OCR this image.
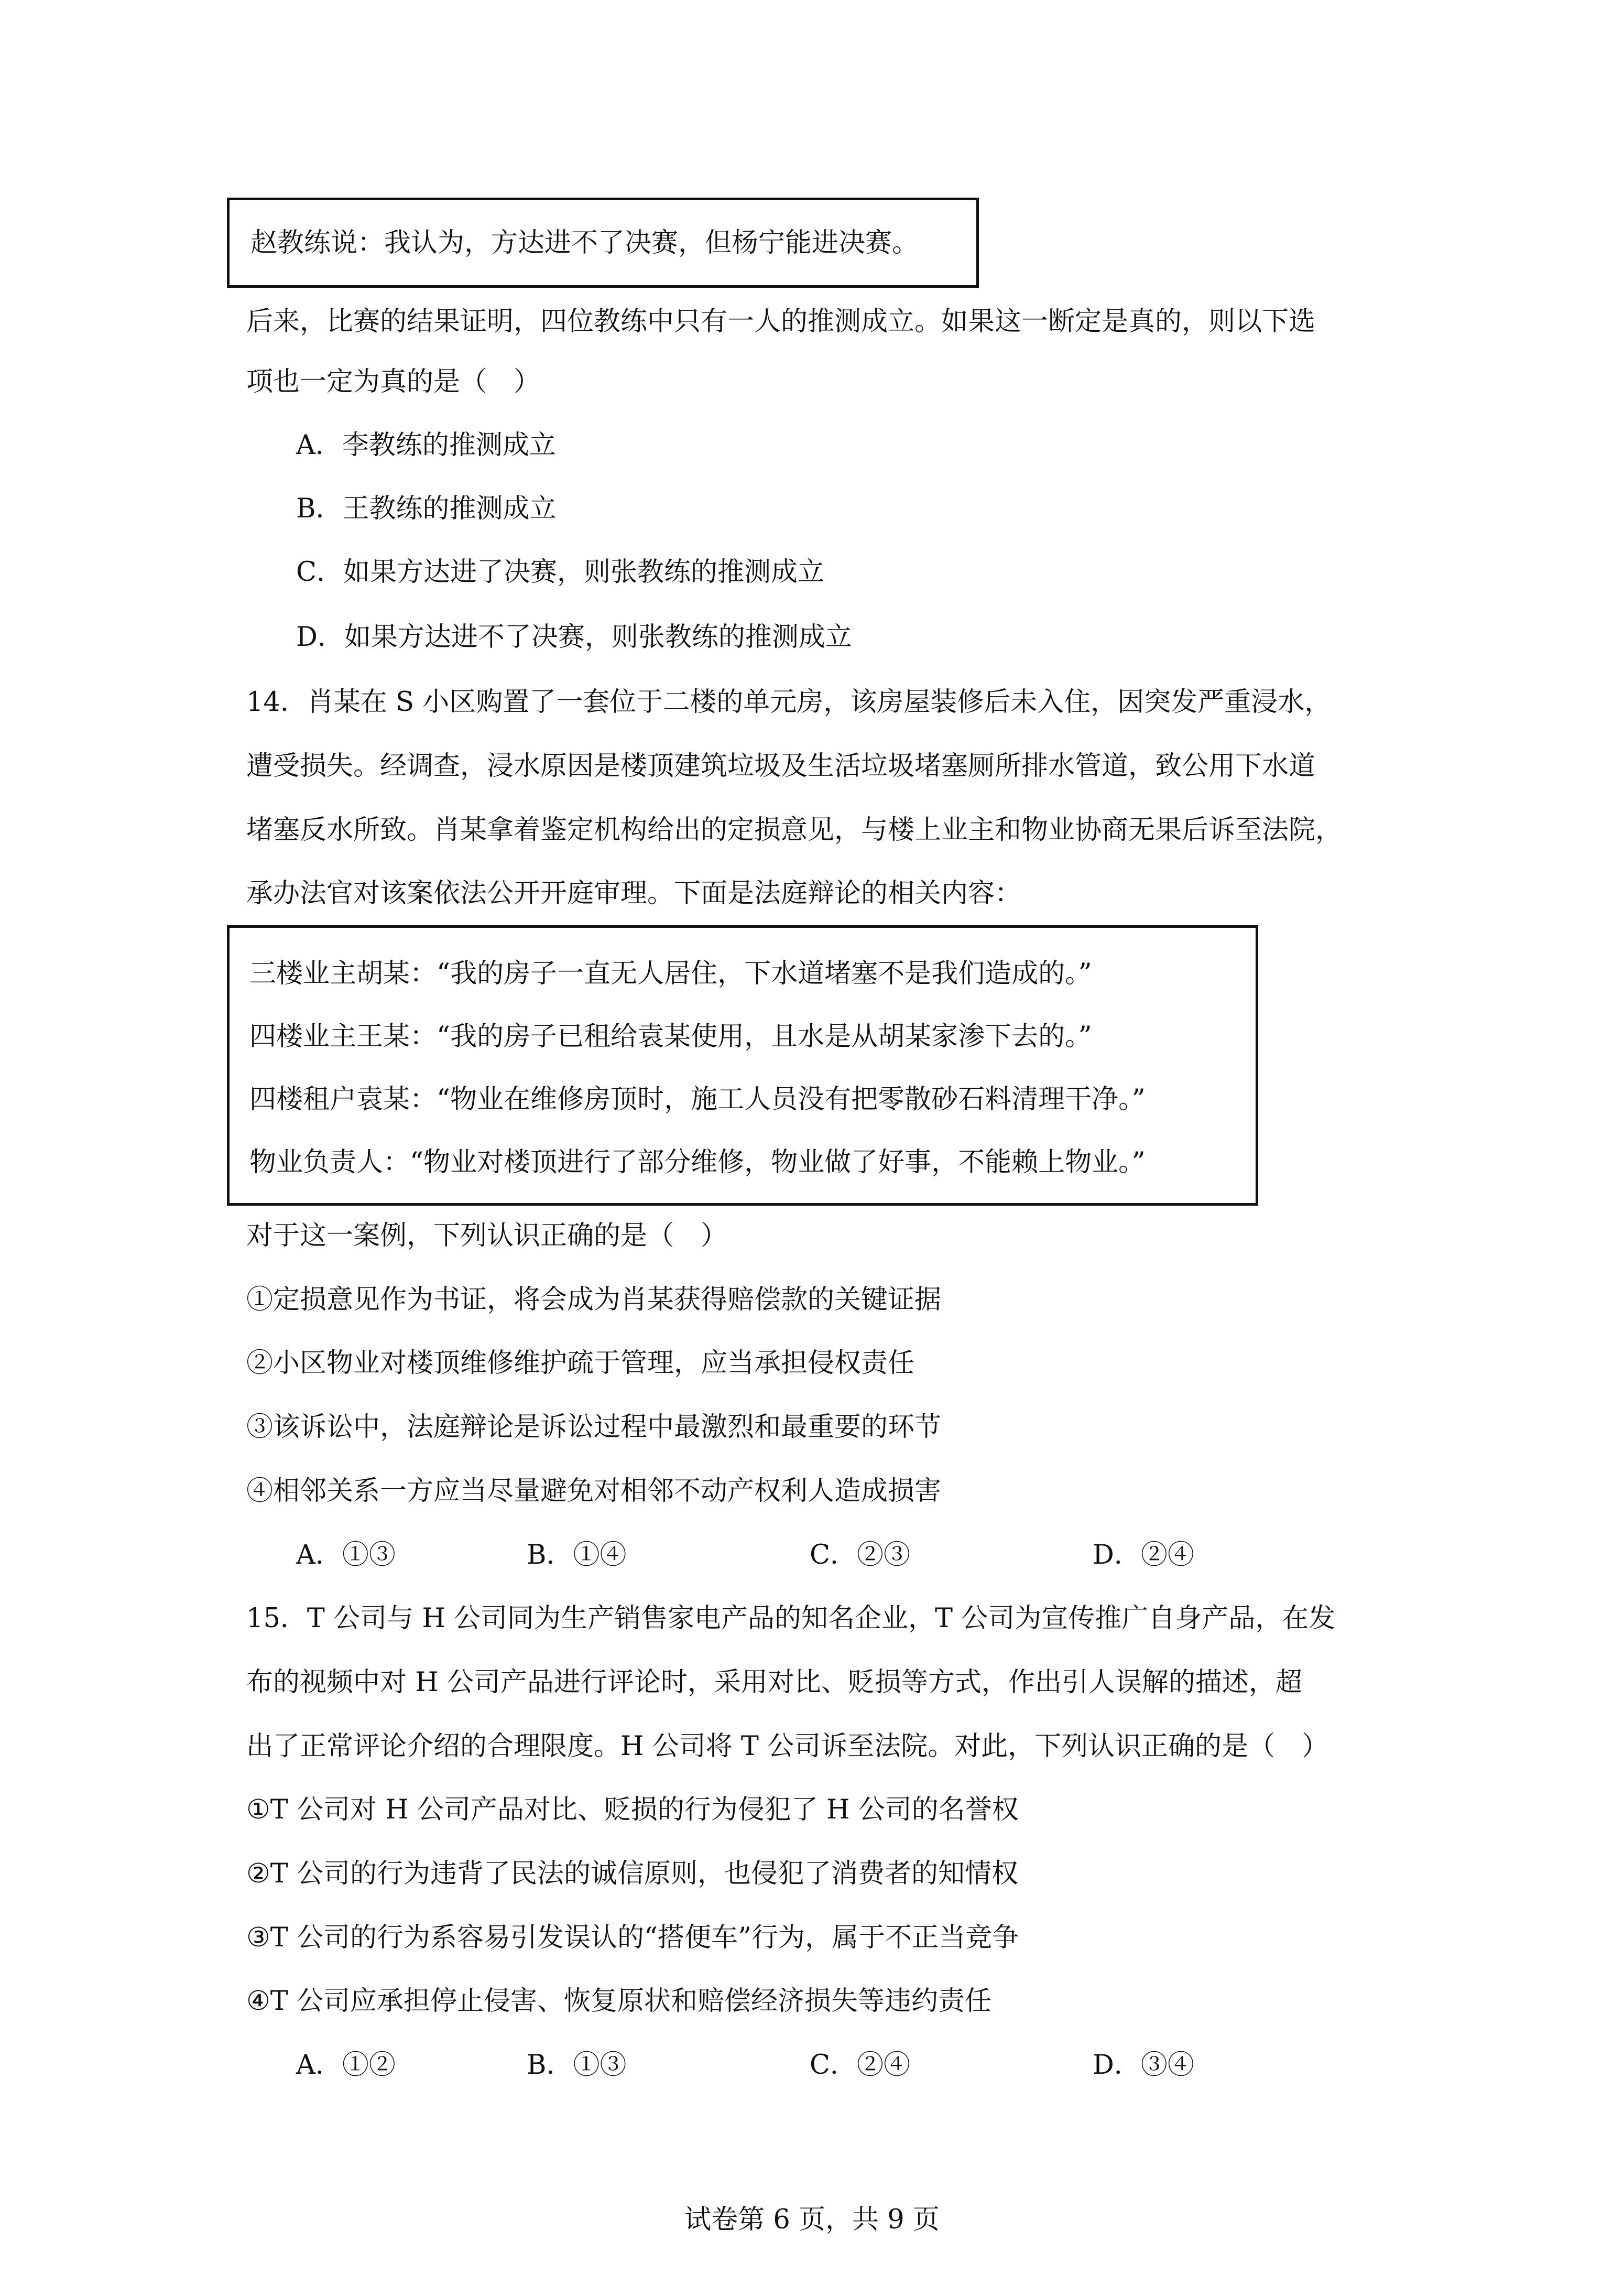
赵教练说：我认为，方达进不了决赛，但杨宁能进决赛。
后来，比赛的结果证明，四位教练中只有一人的推测成立。如果这一断定是真的，则以下选
项也一定为真的是（　）
A．李教练的推测成立
B．王教练的推测成立
C．如果方达进了决赛，则张教练的推测成立
D．如果方达进不了决赛，则张教练的推测成立
14．肖某在 S 小区购置了一套位于二楼的单元房，该房屋装修后未入住，因突发严重浸水，
遭受损失。经调查，浸水原因是楼顶建筑垃圾及生活垃圾堵塞厕所排水管道，致公用下水道
堵塞反水所致。肖某拿着鉴定机构给出的定损意见，与楼上业主和物业协商无果后诉至法院，
承办法官对该案依法公开开庭审理。下面是法庭辩论的相关内容：
三楼业主胡某：“我的房子一直无人居住，下水道堵塞不是我们造成的。”
四楼业主王某：“我的房子已租给袁某使用，且水是从胡某家渗下去的。”
四楼租户袁某：“物业在维修房顶时，施工人员没有把零散砂石料清理干净。”
物业负责人：“物业对楼顶进行了部分维修，物业做了好事，不能赖上物业。”
对于这一案例，下列认识正确的是（　）
①定损意见作为书证，将会成为肖某获得赔偿款的关键证据
②小区物业对楼顶维修维护疏于管理，应当承担侵权责任
③该诉讼中，法庭辩论是诉讼过程中最激烈和最重要的环节
④相邻关系一方应当尽量避免对相邻不动产权利人造成损害
A．①③	B．①④	C．②③	D．②④
15．T 公司与 H 公司同为生产销售家电产品的知名企业，T 公司为宣传推广自身产品，在发
布的视频中对 H 公司产品进行评论时，采用对比、贬损等方式，作出引人误解的描述，超
出了正常评论介绍的合理限度。H 公司将 T 公司诉至法院。对此，下列认识正确的是（　）
①T 公司对 H 公司产品对比、贬损的行为侵犯了 H 公司的名誉权
②T 公司的行为违背了民法的诚信原则，也侵犯了消费者的知情权
③T 公司的行为系容易引发误认的“搭便车”行为，属于不正当竞争
④T 公司应承担停止侵害、恢复原状和赔偿经济损失等违约责任
A．①②	B．①③	C．②④	D．③④
试卷第 6 页，共 9 页
